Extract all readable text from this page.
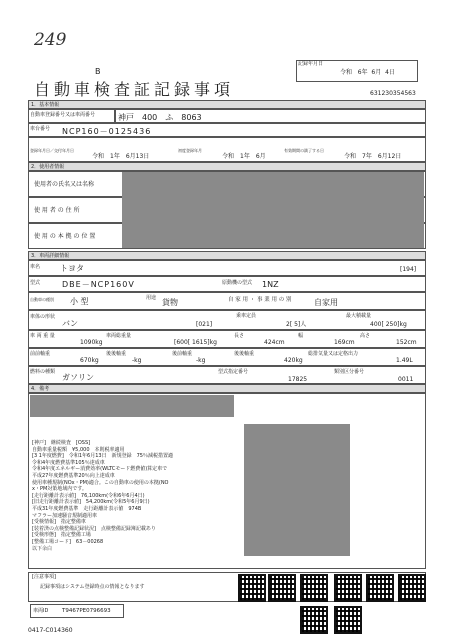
249
記録年月日
令和 6年 6月 4日
B
自動車検査証記録事項	631230354563
1．基本情報
自動車登録番号又は車両番号	神戸　400　ふ　8063
車台番号 NCP160－0125436
登録年月日／交付年月日
令和　1年　6月13日
初度登録年月
令和　1年　6月
有効期間の満了する日
令和　7年　6月12日
2．使用者情報
使用者の氏名又は名称
使 用 者 の 住 所
使 用 の 本 拠 の 位 置
3．車両詳細情報
車名 トヨタ	[194]
型式	DBE－NCP160V	原動機の型式 1NZ
自動車の種別 小 型	用途 貨物	自 家 用 ・ 事 業 用 の 別	自家用
車体の形状
バン	[021]
乗車定員
2[ 5]人
最大積載量
400[ 250]kg
車 両 重 量
1090kg
車両総重量
[600[ 1615]kg
長さ
424cm
幅
169cm
高さ
152cm
前前軸重
670kg
後後軸重
-kg
後前軸重
-kg
後後軸重
420kg
総排気量又は定格出力
1.49L
燃料の種類
ガソリン
型式指定番号
17825
類別区分番号
0011
4．備考
[神戸]　継続検査　[OSS]
自動車重量税額　¥5,000　本則税率適用
[3 1年度燃費]　令和1年6月13日　新規登録　75％減税措置適
令和4年度燃費基準105％達成車
令和4年度エネルギー消費効率(WLTCモード燃費値)算定車で
平成27年度燃費基準20％向上達成車
使用車種規制(NOx・PM)適合。この自動車の使用の本拠(NO
x・PM対策地域内です。
[走行距離計表示値]　76,100km(令和6年6月4日)
[旧走行距離計表示値]　54,200km(令和5年6月9日)
平成31年度燃費基準　走行距離計表示値　974B
マフラー加速騒音規制適用車
[受検情報]　指定整備車
[装着済の点検整備記録状況]　点検整備記録簿記載あり
[受検形態]　指定整備工場
[整備工場コード]　63－00268
以下余白
[注意事項]
記録事項はシステム登録時点の情報となります
車両ID T9467PE0796693
0417-C014360
